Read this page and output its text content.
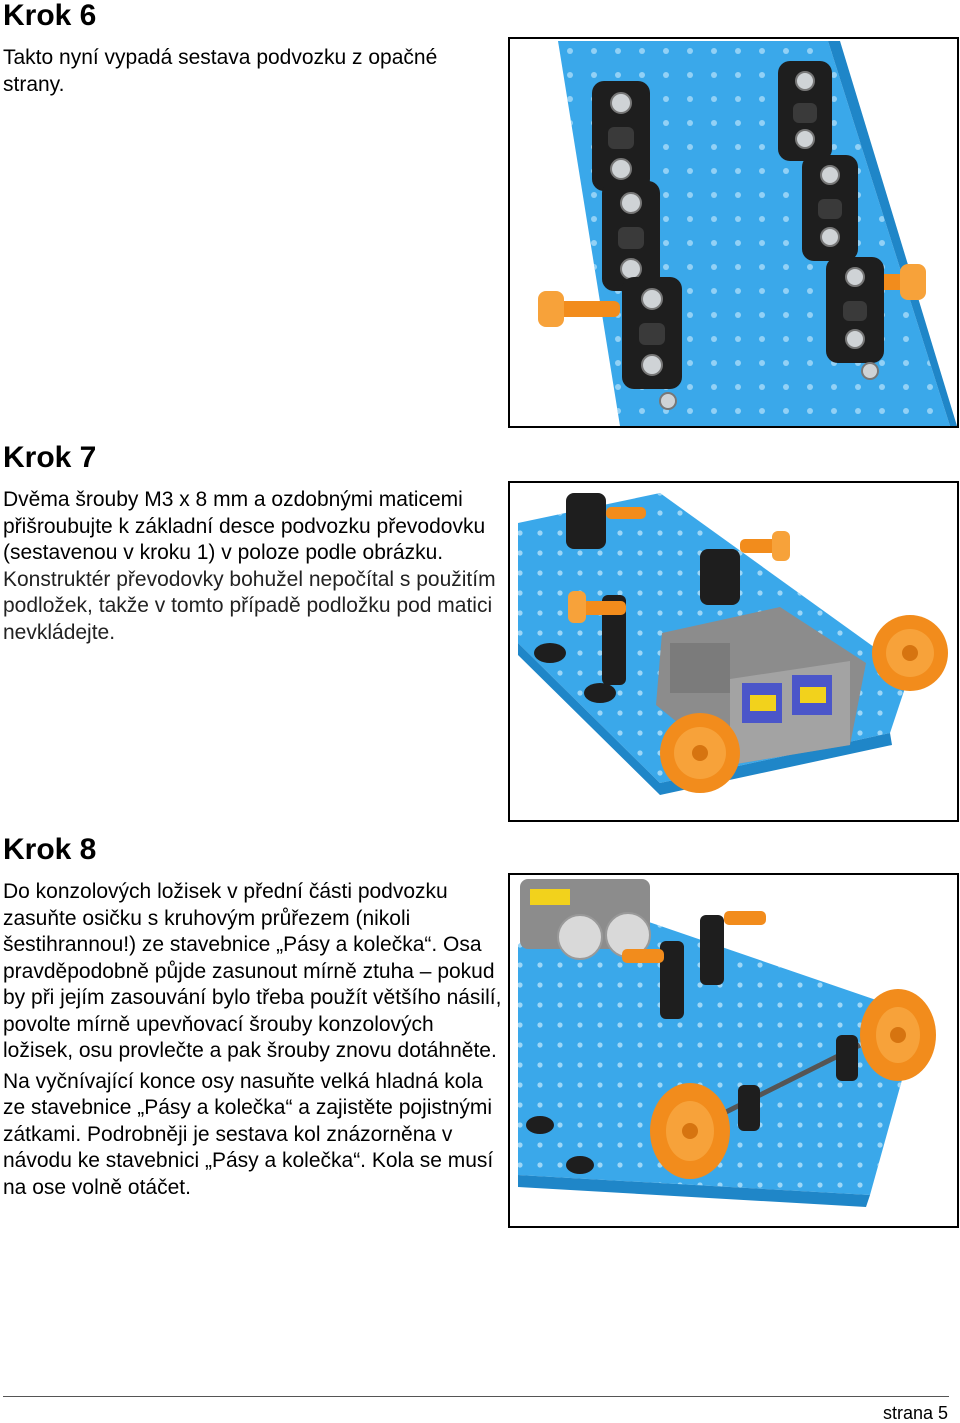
Krok 6

Takto nyní vypadá sestava podvozku z opačné strany.

Krok 7

Dvěma šrouby M3 x 8 mm a ozdobnými maticemi přišroubujte k základní desce podvozku převodovku (sestavenou v kroku 1) v poloze podle obrázku.

Konstruktér převodovky bohužel nepočítal s použitím podložek, takže v tomto případě podložku pod matici nevkládejte.

Krok 8

Do konzolových ložisek v přední části podvozku zasuňte osičku s kruhovým průřezem (nikoli šestihrannou!) ze stavebnice „Pásy a kolečka“. Osa pravděpodobně půjde zasunout mírně ztuha – pokud by při jejím zasouvání bylo třeba použít většího násilí, povolte mírně upevňovací šrouby konzolových ložisek, osu provlečte a pak šrouby znovu dotáhněte.

Na vyčnívající konce osy nasuňte velká hladná kola ze stavebnice „Pásy a kolečka“ a zajistěte pojistnými zátkami. Podrobněji je sestava kol znázorněna v návodu ke stavebnici „Pásy a kolečka“. Kola se musí na ose volně otáčet.

strana 5
